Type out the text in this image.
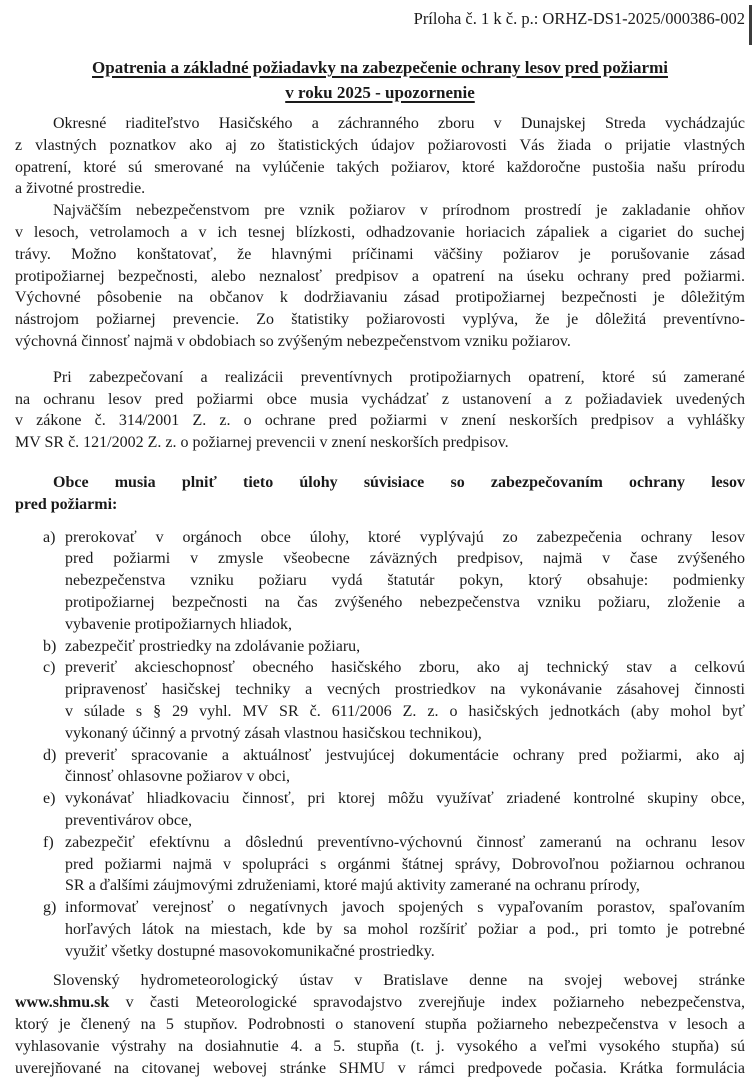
Príloha č. 1 k č. p.: ORHZ-DS1-2025/000386-002
Opatrenia a základné požiadavky na zabezpečenie ochrany lesov pred požiarmi
v roku 2025 - upozornenie
Okresné riaditeľstvo Hasičského a záchranného zboru v Dunajskej Streda vychádzajúc
z vlastných poznatkov ako aj zo štatistických údajov požiarovosti Vás žiada o prijatie vlastných
opatrení, ktoré sú smerované na vylúčenie takých požiarov, ktoré každoročne pustošia našu prírodu
a životné prostredie.
Najväčším nebezpečenstvom pre vznik požiarov v prírodnom prostredí je zakladanie ohňov
v lesoch, vetrolamoch a v ich tesnej blízkosti, odhadzovanie horiacich zápaliek a cigariet do suchej
trávy. Možno konštatovať, že hlavnými príčinami väčšiny požiarov je porušovanie zásad
protipožiarnej bezpečnosti, alebo neznalosť predpisov a opatrení na úseku ochrany pred požiarmi.
Výchovné pôsobenie na občanov k dodržiavaniu zásad protipožiarnej bezpečnosti je dôležitým
nástrojom požiarnej prevencie. Zo štatistiky požiarovosti vyplýva, že je dôležitá preventívno-
výchovná činnosť najmä v obdobiach so zvýšeným nebezpečenstvom vzniku požiarov.
Pri zabezpečovaní a realizácii preventívnych protipožiarnych opatrení, ktoré sú zamerané
na ochranu lesov pred požiarmi obce musia vychádzať z ustanovení a z požiadaviek uvedených
v zákone č. 314/2001 Z. z. o ochrane pred požiarmi v znení neskorších predpisov a vyhlášky
MV SR č. 121/2002 Z. z. o požiarnej prevencii v znení neskorších predpisov.
Obce musia plniť tieto úlohy súvisiace so zabezpečovaním ochrany lesov
pred požiarmi:
a) prerokovať v orgánoch obce úlohy, ktoré vyplývajú zo zabezpečenia ochrany lesov
pred požiarmi v zmysle všeobecne záväzných predpisov, najmä v čase zvýšeného
nebezpečenstva vzniku požiaru vydá štatutár pokyn, ktorý obsahuje: podmienky
protipožiarnej bezpečnosti na čas zvýšeného nebezpečenstva vzniku požiaru, zloženie a
vybavenie protipožiarnych hliadok,
b) zabezpečiť prostriedky na zdolávanie požiaru,
c) preveriť akcieschopnosť obecného hasičského zboru, ako aj technický stav a celkovú
pripravenosť hasičskej techniky a vecných prostriedkov na vykonávanie zásahovej činnosti
v súlade s § 29 vyhl. MV SR č. 611/2006 Z. z. o hasičských jednotkách (aby mohol byť
vykonaný účinný a prvotný zásah vlastnou hasičskou technikou),
d) preveriť spracovanie a aktuálnosť jestvujúcej dokumentácie ochrany pred požiarmi, ako aj
činnosť ohlasovne požiarov v obci,
e) vykonávať hliadkovaciu činnosť, pri ktorej môžu využívať zriadené kontrolné skupiny obce,
preventivárov obce,
f) zabezpečiť efektívnu a dôslednú preventívno-výchovnú činnosť zameranú na ochranu lesov
pred požiarmi najmä v spolupráci s orgánmi štátnej správy, Dobrovoľnou požiarnou ochranou
SR a ďalšími záujmovými združeniami, ktoré majú aktivity zamerané na ochranu prírody,
g) informovať verejnosť o negatívnych javoch spojených s vypaľovaním porastov, spaľovaním
horľavých látok na miestach, kde by sa mohol rozšíriť požiar a pod., pri tomto je potrebné
využiť všetky dostupné masovokomunikačné prostriedky.
Slovenský hydrometeorologický ústav v Bratislave denne na svojej webovej stránke
www.shmu.sk v časti Meteorologické spravodajstvo zverejňuje index požiarneho nebezpečenstva,
ktorý je členený na 5 stupňov. Podrobnosti o stanovení stupňa požiarneho nebezpečenstva v lesoch a
vyhlasovanie výstrahy na dosiahnutie 4. a 5. stupňa (t. j. vysokého a veľmi vysokého stupňa) sú
uverejňované na citovanej webovej stránke SHMU v rámci predpovede počasia. Krátka formulácia
